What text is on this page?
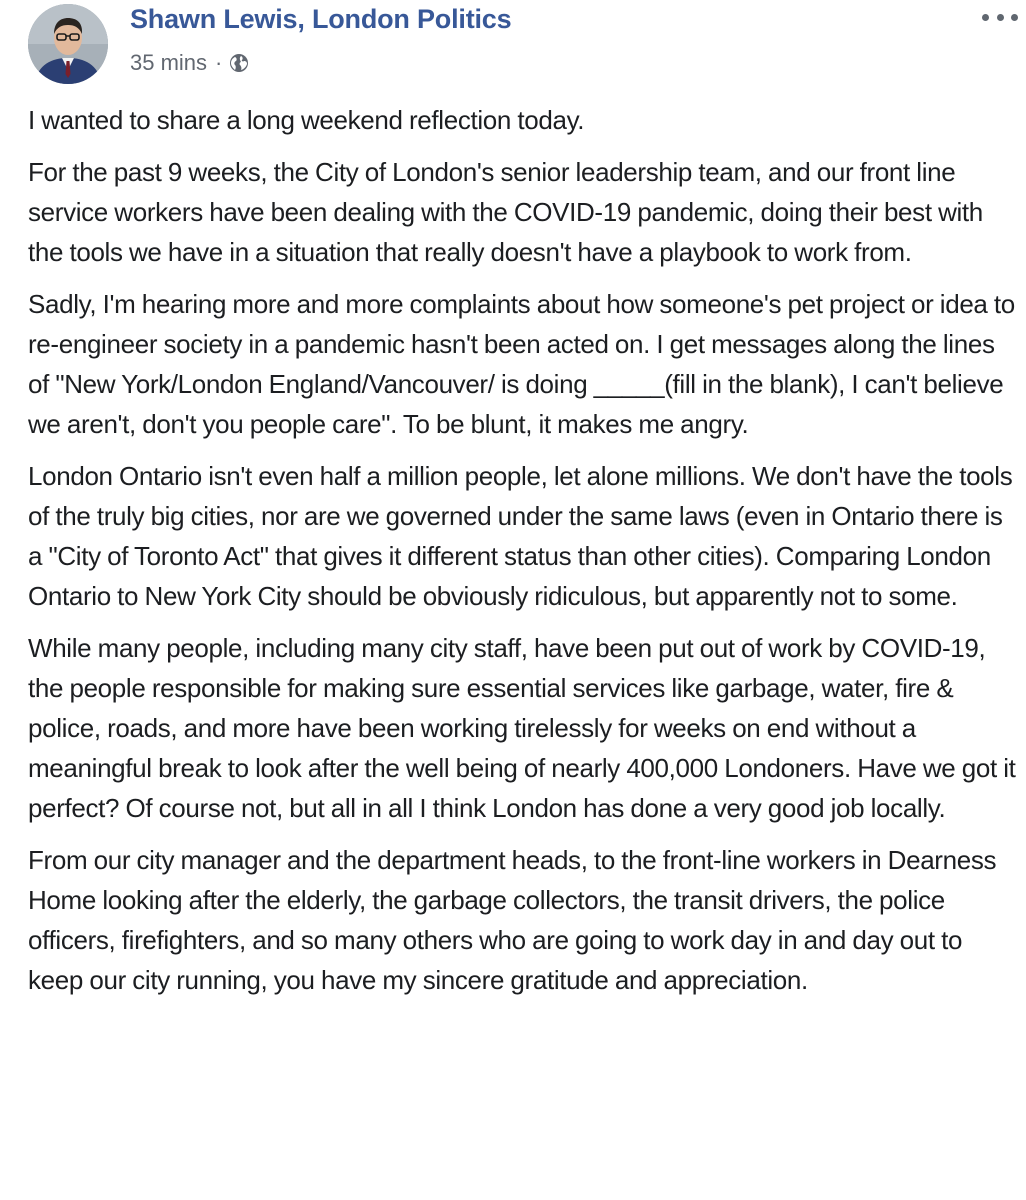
Shawn Lewis, London Politics
35 mins ·

I wanted to share a long weekend reflection today.

For the past 9 weeks, the City of London's senior leadership team, and our front line service workers have been dealing with the COVID-19 pandemic, doing their best with the tools we have in a situation that really doesn't have a playbook to work from.

Sadly, I'm hearing more and more complaints about how someone's pet project or idea to re-engineer society in a pandemic hasn't been acted on. I get messages along the lines of "New York/London England/Vancouver/ is doing _____(fill in the blank), I can't believe we aren't, don't you people care". To be blunt, it makes me angry.

London Ontario isn't even half a million people, let alone millions. We don't have the tools of the truly big cities, nor are we governed under the same laws (even in Ontario there is a "City of Toronto Act" that gives it different status than other cities). Comparing London Ontario to New York City should be obviously ridiculous, but apparently not to some.

While many people, including many city staff, have been put out of work by COVID-19, the people responsible for making sure essential services like garbage, water, fire & police, roads, and more have been working tirelessly for weeks on end without a meaningful break to look after the well being of nearly 400,000 Londoners. Have we got it perfect? Of course not, but all in all I think London has done a very good job locally.

From our city manager and the department heads, to the front-line workers in Dearness Home looking after the elderly, the garbage collectors, the transit drivers, the police officers, firefighters, and so many others who are going to work day in and day out to keep our city running, you have my sincere gratitude and appreciation.
